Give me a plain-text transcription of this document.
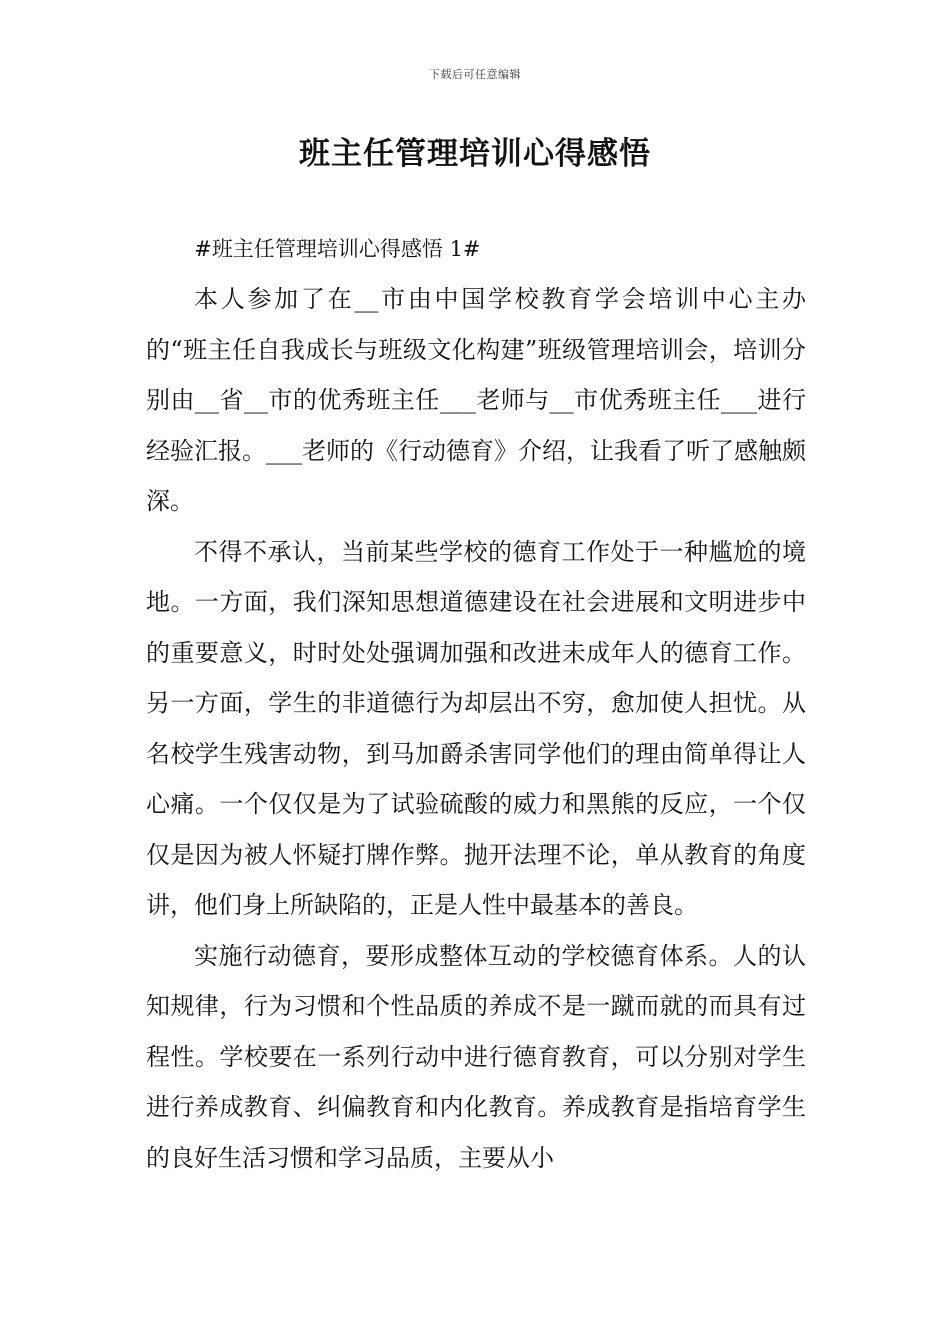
下载后可任意编辑
班主任管理培训心得感悟

#班主任管理培训心得感悟 1#

本人参加了在__市由中国学校教育学会培训中心主办的“班主任自我成长与班级文化构建”班级管理培训会，培训分别由__省__市的优秀班主任___老师与__市优秀班主任___进行经验汇报。___老师的《行动德育》介绍，让我看了听了感触颇深。

不得不承认，当前某些学校的德育工作处于一种尴尬的境地。一方面，我们深知思想道德建设在社会进展和文明进步中的重要意义，时时处处强调加强和改进未成年人的德育工作。另一方面，学生的非道德行为却层出不穷，愈加使人担忧。从名校学生残害动物，到马加爵杀害同学他们的理由简单得让人心痛。一个仅仅是为了试验硫酸的威力和黑熊的反应，一个仅仅是因为被人怀疑打牌作弊。抛开法理不论，单从教育的角度讲，他们身上所缺陷的，正是人性中最基本的善良。

实施行动德育，要形成整体互动的学校德育体系。人的认知规律，行为习惯和个性品质的养成不是一蹴而就的而具有过程性。学校要在一系列行动中进行德育教育，可以分别对学生进行养成教育、纠偏教育和内化教育。养成教育是指培育学生的良好生活习惯和学习品质，主要从小
